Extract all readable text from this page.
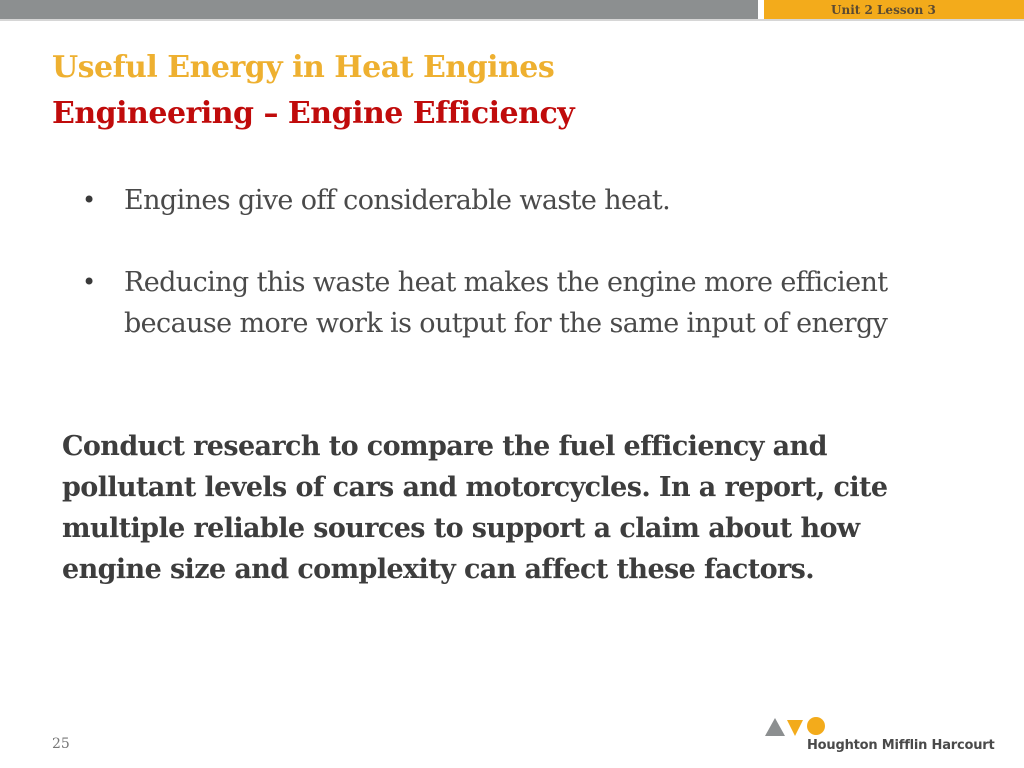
Unit 2 Lesson 3
Useful Energy in Heat Engines
Engineering – Engine Efficiency
• Engines give off considerable waste heat.
• Reducing this waste heat makes the engine more efficient because more work is output for the same input of energy

Conduct research to compare the fuel efficiency and pollutant levels of cars and motorcycles. In a report, cite multiple reliable sources to support a claim about how engine size and complexity can affect these factors.

25	Houghton Mifflin Harcourt
